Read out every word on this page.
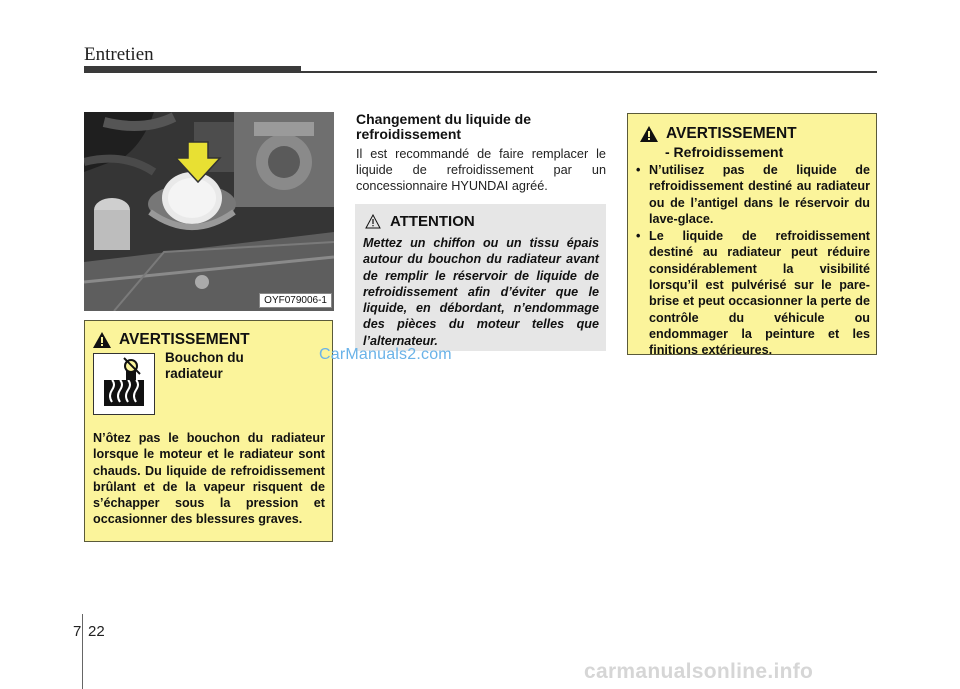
Entretien
OYF079006-1
AVERTISSEMENT
Bouchon du
radiateur
N’ôtez pas le bouchon du radiateur lorsque le moteur et le radiateur sont chauds. Du liquide de refroidissement brûlant et de la vapeur risquent de s’échapper sous la pression et occasionner des blessures graves.
Changement du liquide de refroidissement
Il est recommandé de faire remplacer le liquide de refroidissement par un concessionnaire HYUNDAI agréé.
ATTENTION
Mettez un chiffon ou un tissu épais autour du bouchon du radiateur avant de remplir le réservoir de liquide de refroidissement afin d’éviter que le liquide, en débordant, n’endommage des pièces du moteur telles que l’alternateur.
CarManuals2.com
AVERTISSEMENT
- Refroidissement
• N’utilisez pas de liquide de refroidissement destiné au radiateur ou de l’antigel dans le réservoir du lave-glace.
• Le liquide de refroidissement destiné au radiateur peut réduire considérablement la visibilité lorsqu’il est pulvérisé sur le pare-brise et peut occasionner la perte de contrôle du véhicule ou endommager la peinture et les finitions extérieures.
7 22
carmanualsonline.info
